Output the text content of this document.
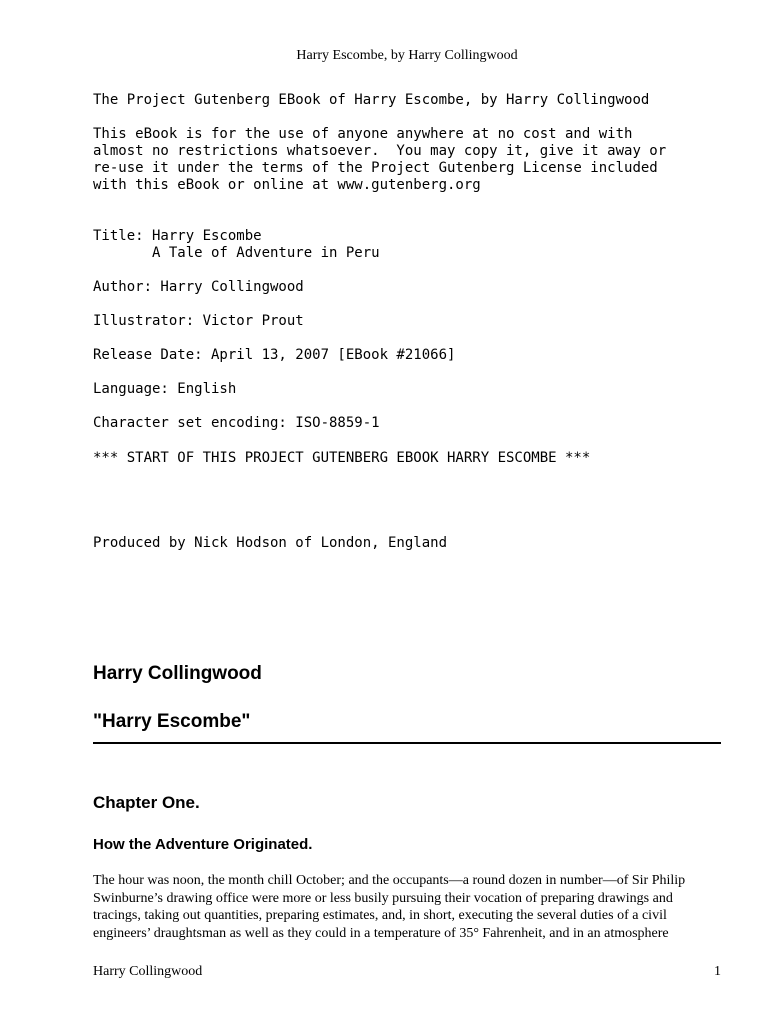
Harry Escombe, by Harry Collingwood

The Project Gutenberg EBook of Harry Escombe, by Harry Collingwood

This eBook is for the use of anyone anywhere at no cost and with

almost no restrictions whatsoever.  You may copy it, give it away or

re-use it under the terms of the Project Gutenberg License included

with this eBook or online at www.gutenberg.org

Title: Harry Escombe

A Tale of Adventure in Peru

Author: Harry Collingwood

Illustrator: Victor Prout

Release Date: April 13, 2007 [EBook #21066]

Language: English

Character set encoding: ISO-8859-1

*** START OF THIS PROJECT GUTENBERG EBOOK HARRY ESCOMBE ***

Produced by Nick Hodson of London, England

Harry Collingwood
"Harry Escombe"
Chapter One.
How the Adventure Originated.
The hour was noon, the month chill October; and the occupants—a round dozen in number—of Sir Philip
Swinburne’s drawing office were more or less busily pursuing their vocation of preparing drawings and
tracings, taking out quantities, preparing estimates, and, in short, executing the several duties of a civil
engineers’ draughtsman as well as they could in a temperature of 35° Fahrenheit, and in an atmosphere
Harry Collingwood	1
